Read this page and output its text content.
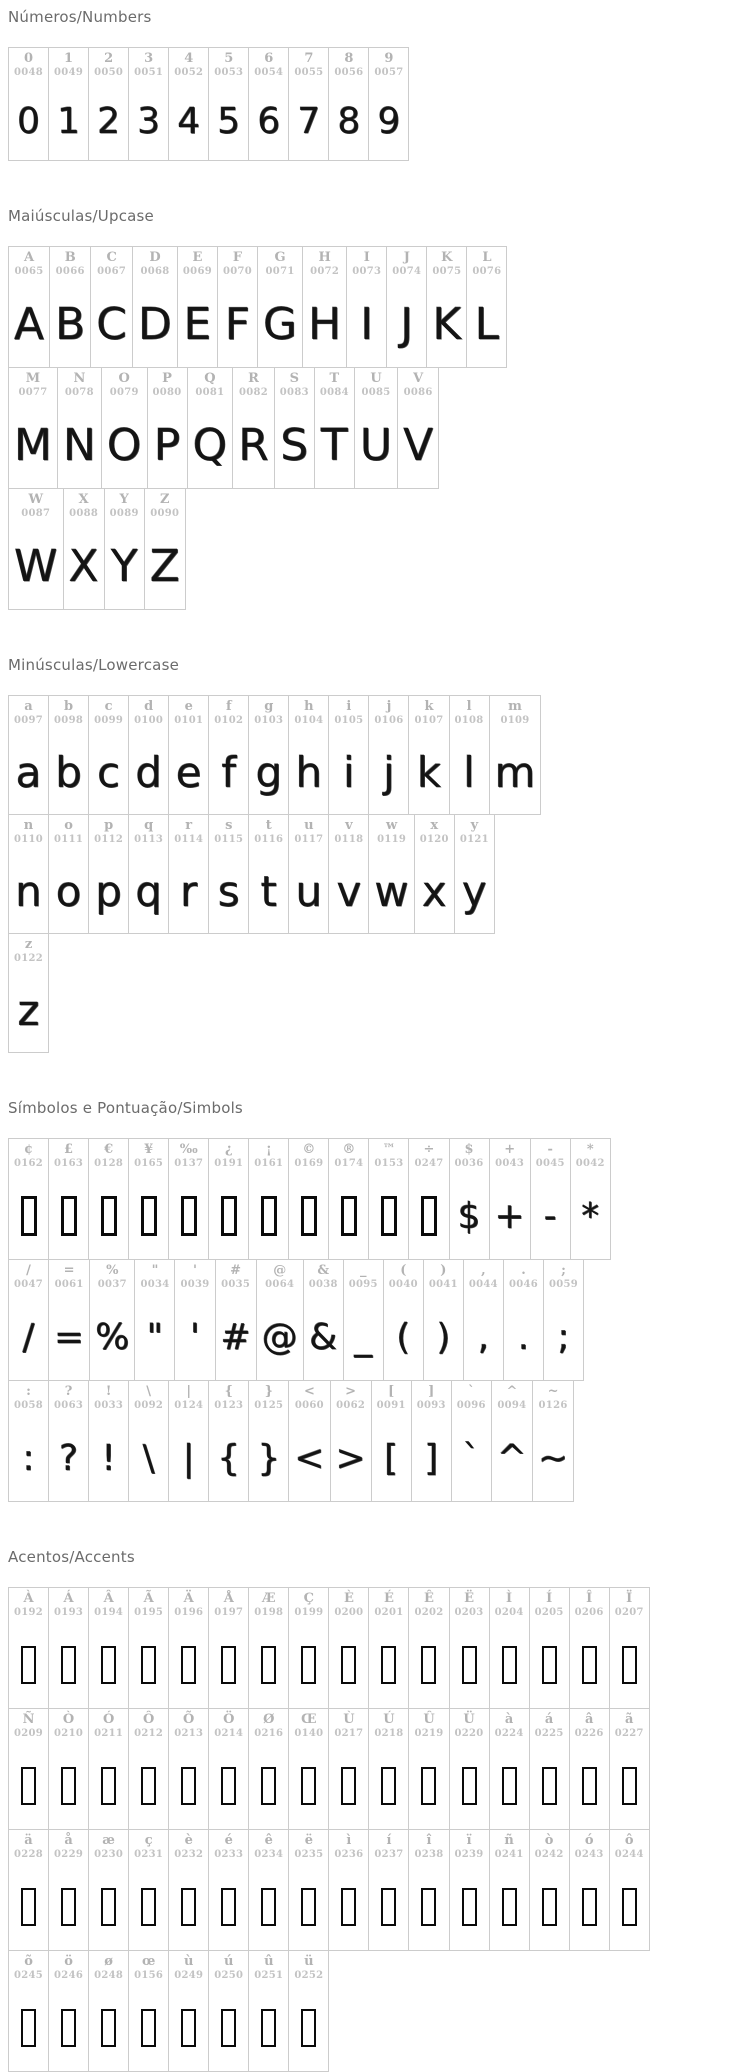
Números/Numbers
0
0048
0
1
0049
1
2
0050
2
3
0051
3
4
0052
4
5
0053
5
6
0054
6
7
0055
7
8
0056
8
9
0057
9
Maiúsculas/Upcase
A
0065
A
B
0066
B
C
0067
C
D
0068
D
E
0069
E
F
0070
F
G
0071
G
H
0072
H
I
0073
I
J
0074
J
K
0075
K
L
0076
L
M
0077
M
N
0078
N
O
0079
O
P
0080
P
Q
0081
Q
R
0082
R
S
0083
S
T
0084
T
U
0085
U
V
0086
V
W
0087
W
X
0088
X
Y
0089
Y
Z
0090
Z
Minúsculas/Lowercase
a
0097
a
b
0098
b
c
0099
c
d
0100
d
e
0101
e
f
0102
f
g
0103
g
h
0104
h
i
0105
i
j
0106
j
k
0107
k
l
0108
l
m
0109
m
n
0110
n
o
0111
o
p
0112
p
q
0113
q
r
0114
r
s
0115
s
t
0116
t
u
0117
u
v
0118
v
w
0119
w
x
0120
x
y
0121
y
z
0122
z
Símbolos e Pontuação/Simbols
¢
0162
£
0163
€
0128
¥
0165
‰
0137
¿
0191
¡
0161
©
0169
®
0174
™
0153
÷
0247
$
0036
$
+
0043
+
-
0045
-
*
0042
*
/
0047
/
=
0061
=
%
0037
%
"
0034
"
'
0039
'
#
0035
#
@
0064
@
&
0038
&
_
0095
_
(
0040
(
)
0041
)
,
0044
,
.
0046
.
;
0059
;
:
0058
:
?
0063
?
!
0033
!
\
0092
\
|
0124
|
{
0123
{
}
0125
}
<
0060
<
>
0062
>
[
0091
[
]
0093
]
`
0096
`
^
0094
^
~
0126
~
Acentos/Accents
À
0192
Á
0193
Â
0194
Ã
0195
Ä
0196
Å
0197
Æ
0198
Ç
0199
È
0200
É
0201
Ê
0202
Ë
0203
Ì
0204
Í
0205
Î
0206
Ï
0207
Ñ
0209
Ò
0210
Ó
0211
Ô
0212
Õ
0213
Ö
0214
Ø
0216
Œ
0140
Ù
0217
Ú
0218
Û
0219
Ü
0220
à
0224
á
0225
â
0226
ã
0227
ä
0228
å
0229
æ
0230
ç
0231
è
0232
é
0233
ê
0234
ë
0235
ì
0236
í
0237
î
0238
ï
0239
ñ
0241
ò
0242
ó
0243
ô
0244
õ
0245
ö
0246
ø
0248
œ
0156
ù
0249
ú
0250
û
0251
ü
0252
